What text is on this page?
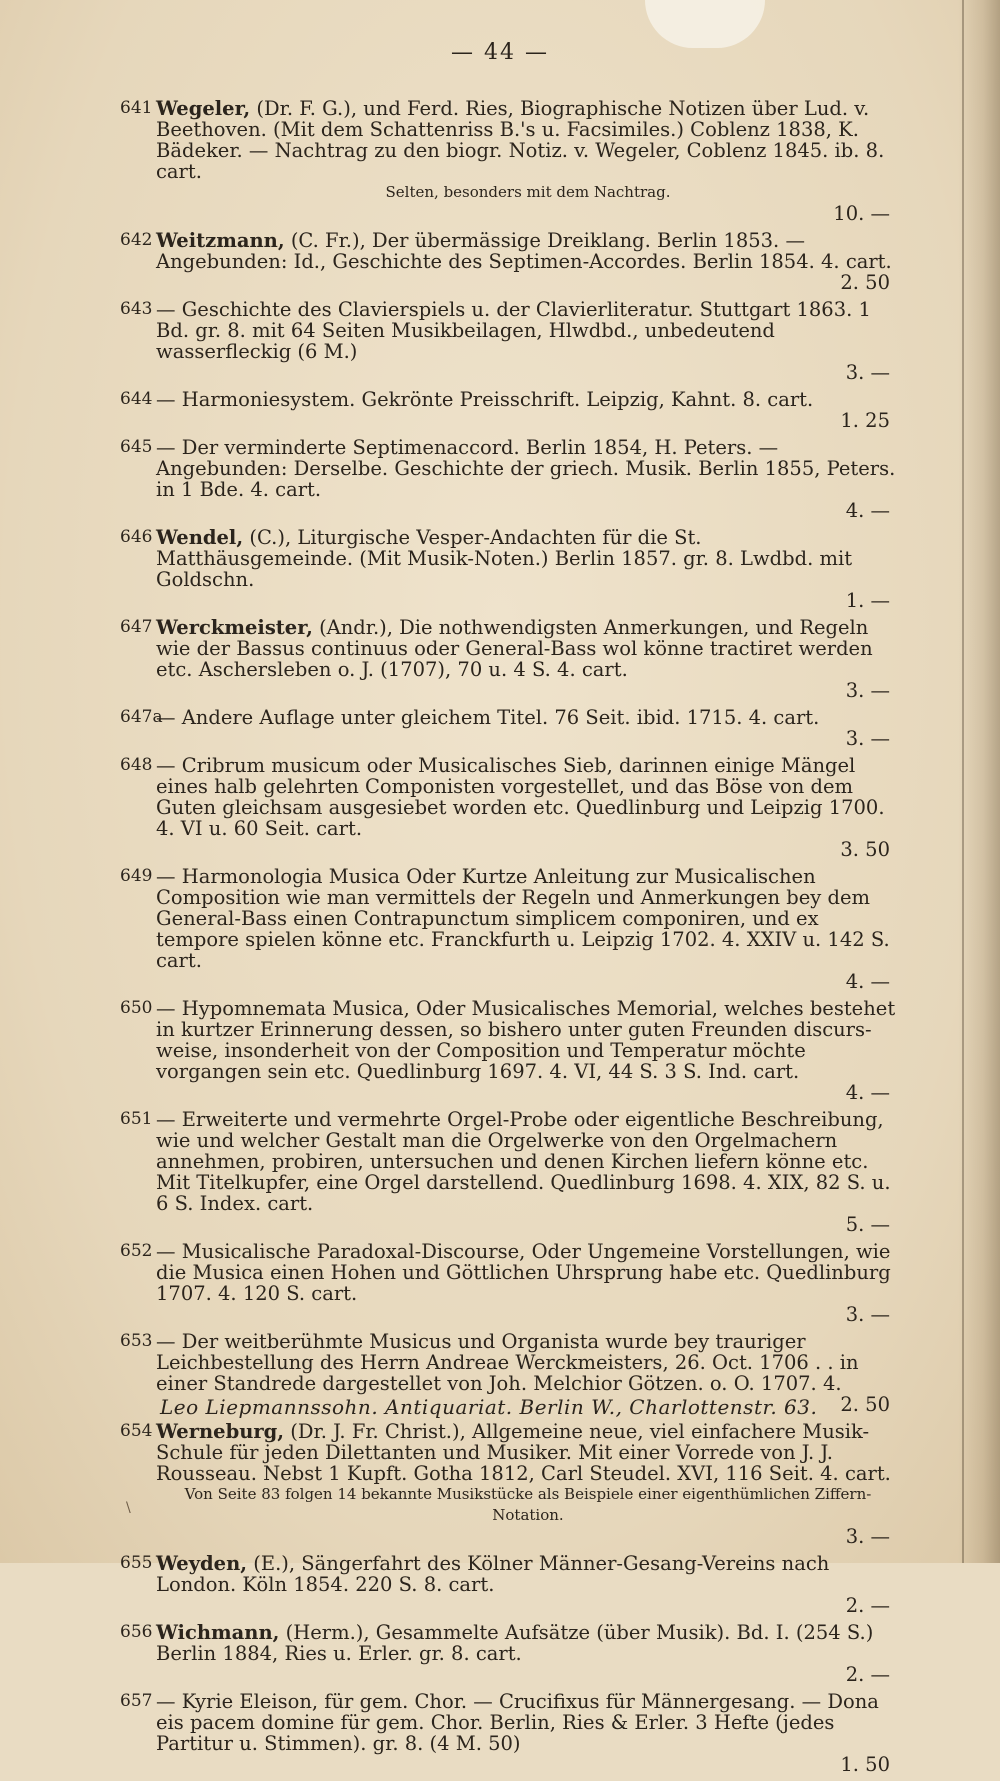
— 44 —
641 Wegeler, (Dr. F. G.), und Ferd. Ries, Biographische Notizen über Lud. v. Beethoven. (Mit dem Schattenriss B.'s u. Facsimiles.) Coblenz 1838, K. Bädeker. — Nachtrag zu den biogr. Notiz. v. Wegeler, Coblenz 1845. ib. 8. cart.
Selten, besonders mit dem Nachtrag.
10. —
642 Weitzmann, (C. Fr.), Der übermässige Dreiklang. Berlin 1853. — Angebunden: Id., Geschichte des Septimen-Accordes. Berlin 1854. 4. cart.
2. 50
643 — Geschichte des Clavierspiels u. der Clavierliteratur. Stuttgart 1863. 1 Bd. gr. 8. mit 64 Seiten Musikbeilagen, Hlwdbd., unbedeutend wasserfleckig (6 M.)
3. —
644 — Harmoniesystem. Gekrönte Preisschrift. Leipzig, Kahnt. 8. cart.
1. 25
645 — Der verminderte Septimenaccord. Berlin 1854, H. Peters. — Angebunden: Derselbe. Geschichte der griech. Musik. Berlin 1855, Peters. in 1 Bde. 4. cart.
4. —
646 Wendel, (C.), Liturgische Vesper-Andachten für die St. Matthäusgemeinde. (Mit Musik-Noten.) Berlin 1857. gr. 8. Lwdbd. mit Goldschn.
1. —
647 Werckmeister, (Andr.), Die nothwendigsten Anmerkungen, und Regeln wie der Bassus continuus oder General-Bass wol könne tractiret werden etc. Aschersleben o. J. (1707), 70 u. 4 S. 4. cart.
3. —
647a
— Andere Auflage unter gleichem Titel. 76 Seit. ibid. 1715. 4. cart.
3. —
648 — Cribrum musicum oder Musicalisches Sieb, darinnen einige Mängel eines halb gelehrten Componisten vorgestellet, und das Böse von dem Guten gleichsam ausgesiebet worden etc. Quedlinburg und Leipzig 1700. 4. VI u. 60 Seit. cart.
3. 50
649 — Harmonologia Musica Oder Kurtze Anleitung zur Musicalischen Composition wie man vermittels der Regeln und Anmerkungen bey dem General-Bass einen Contrapunctum simplicem componiren, und ex tempore spielen könne etc. Franckfurth u. Leipzig 1702. 4. XXIV u. 142 S. cart.
4. —
650 — Hypomnemata Musica, Oder Musicalisches Memorial, welches bestehet in kurtzer Erinnerung dessen, so bishero unter guten Freunden discurs-weise, insonderheit von der Composition und Temperatur möchte vorgangen sein etc. Quedlinburg 1697. 4. VI, 44 S. 3 S. Ind. cart.
4. —
651 — Erweiterte und vermehrte Orgel-Probe oder eigentliche Beschreibung, wie und welcher Gestalt man die Orgelwerke von den Orgelmachern annehmen, probiren, untersuchen und denen Kirchen liefern könne etc. Mit Titelkupfer, eine Orgel darstellend. Quedlinburg 1698. 4. XIX, 82 S. u. 6 S. Index. cart.
5. —
652 — Musicalische Paradoxal-Discourse, Oder Ungemeine Vorstellungen, wie die Musica einen Hohen und Göttlichen Uhrsprung habe etc. Quedlinburg 1707. 4. 120 S. cart.
3. —
653 — Der weitberühmte Musicus und Organista wurde bey trauriger Leichbestellung des Herrn Andreae Werckmeisters, 26. Oct. 1706 . . in einer Standrede dargestellet von Joh. Melchior Götzen. o. O. 1707. 4.
2. 50
654 Werneburg, (Dr. J. Fr. Christ.), Allgemeine neue, viel einfachere Musik-Schule für jeden Dilettanten und Musiker. Mit einer Vorrede von J. J. Rousseau. Nebst 1 Kupft. Gotha 1812, Carl Steudel. XVI, 116 Seit. 4. cart.
Von Seite 83 folgen 14 bekannte Musikstücke als Beispiele einer eigenthümlichen Ziffern-Notation.
3. —
655 Weyden, (E.), Sängerfahrt des Kölner Männer-Gesang-Vereins nach London. Köln 1854. 220 S. 8. cart.
2. —
656 Wichmann, (Herm.), Gesammelte Aufsätze (über Musik). Bd. I. (254 S.) Berlin 1884, Ries u. Erler. gr. 8. cart.
2. —
657 — Kyrie Eleison, für gem. Chor. — Crucifixus für Männergesang. — Dona eis pacem domine für gem. Chor. Berlin, Ries & Erler. 3 Hefte (jedes Partitur u. Stimmen). gr. 8. (4 M. 50)
1. 50
Leo Liepmannssohn. Antiquariat. Berlin W., Charlottenstr. 63.
\
